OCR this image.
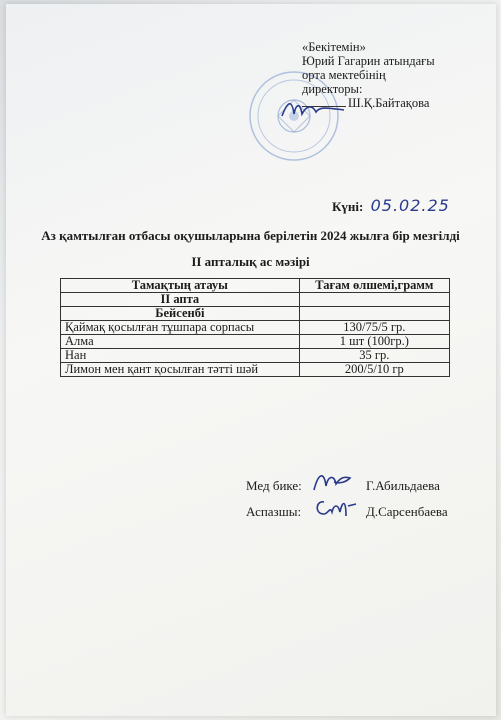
«Бекітемін»
Юрий Гагарин атындағы
орта мектебінің
директоры:
Ш.Қ.Байтақова
Күні: 05.02.25
Аз қамтылған отбасы оқушыларына берілетін 2024 жылға бір мезгілді
II апталық ас мәзірі
Тамақтың атауы	Тағам өлшемі,грамм
II апта	
Бейсенбі	
Қаймақ қосылған тұшпара сорпасы	130/75/5 гр.
Алма	1 шт (100гр.)
Нан	35 гр.
Лимон мен қант қосылған тәтті шәй	200/5/10 гр
Мед бике:	Г.Абильдаева
Аспазшы:	Д.Сарсенбаева
